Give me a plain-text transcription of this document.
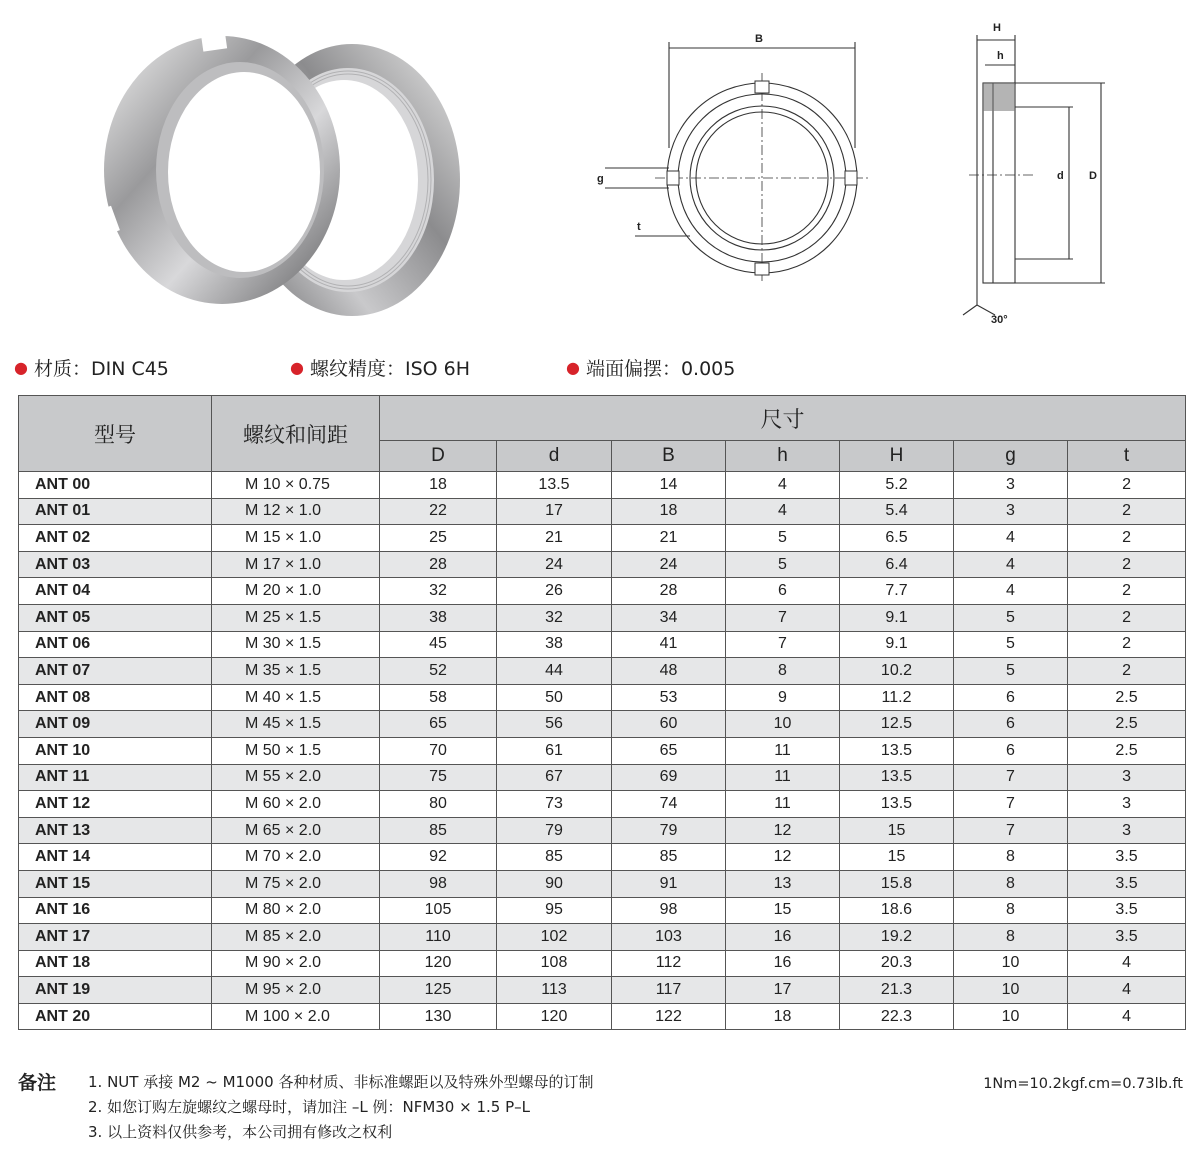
B
g
t
H
h
d D
30°
● 材质：DIN C45	● 螺纹精度：ISO 6H	● 端面偏摆：0.005
型号	螺纹和间距	尺寸						
		D	d	B	h	H	g	t
ANT 00	M 10 × 0.75	18	13.5	14	4	5.2	3	2
ANT 01	M 12 × 1.0	22	17	18	4	5.4	3	2
ANT 02	M 15 × 1.0	25	21	21	5	6.5	4	2
ANT 03	M 17 × 1.0	28	24	24	5	6.4	4	2
ANT 04	M 20 × 1.0	32	26	28	6	7.7	4	2
ANT 05	M 25 × 1.5	38	32	34	7	9.1	5	2
ANT 06	M 30 × 1.5	45	38	41	7	9.1	5	2
ANT 07	M 35 × 1.5	52	44	48	8	10.2	5	2
ANT 08	M 40 × 1.5	58	50	53	9	11.2	6	2.5
ANT 09	M 45 × 1.5	65	56	60	10	12.5	6	2.5
ANT 10	M 50 × 1.5	70	61	65	11	13.5	6	2.5
ANT 11	M 55 × 2.0	75	67	69	11	13.5	7	3
ANT 12	M 60 × 2.0	80	73	74	11	13.5	7	3
ANT 13	M 65 × 2.0	85	79	79	12	15	7	3
ANT 14	M 70 × 2.0	92	85	85	12	15	8	3.5
ANT 15	M 75 × 2.0	98	90	91	13	15.8	8	3.5
ANT 16	M 80 × 2.0	105	95	98	15	18.6	8	3.5
ANT 17	M 85 × 2.0	110	102	103	16	19.2	8	3.5
ANT 18	M 90 × 2.0	120	108	112	16	20.3	10	4
ANT 19	M 95 × 2.0	125	113	117	17	21.3	10	4
ANT 20	M 100 × 2.0	130	120	122	18	22.3	10	4
备注 1. NUT 承接 M2 ~ M1000 各种材质、非标准螺距以及特殊外型螺母的订制
2. 如您订购左旋螺纹之螺母时，请加注 –L 例：NFM30 × 1.5 P–L
3. 以上资料仅供参考，本公司拥有修改之权利
1Nm=10.2kgf.cm=0.73lb.ft
